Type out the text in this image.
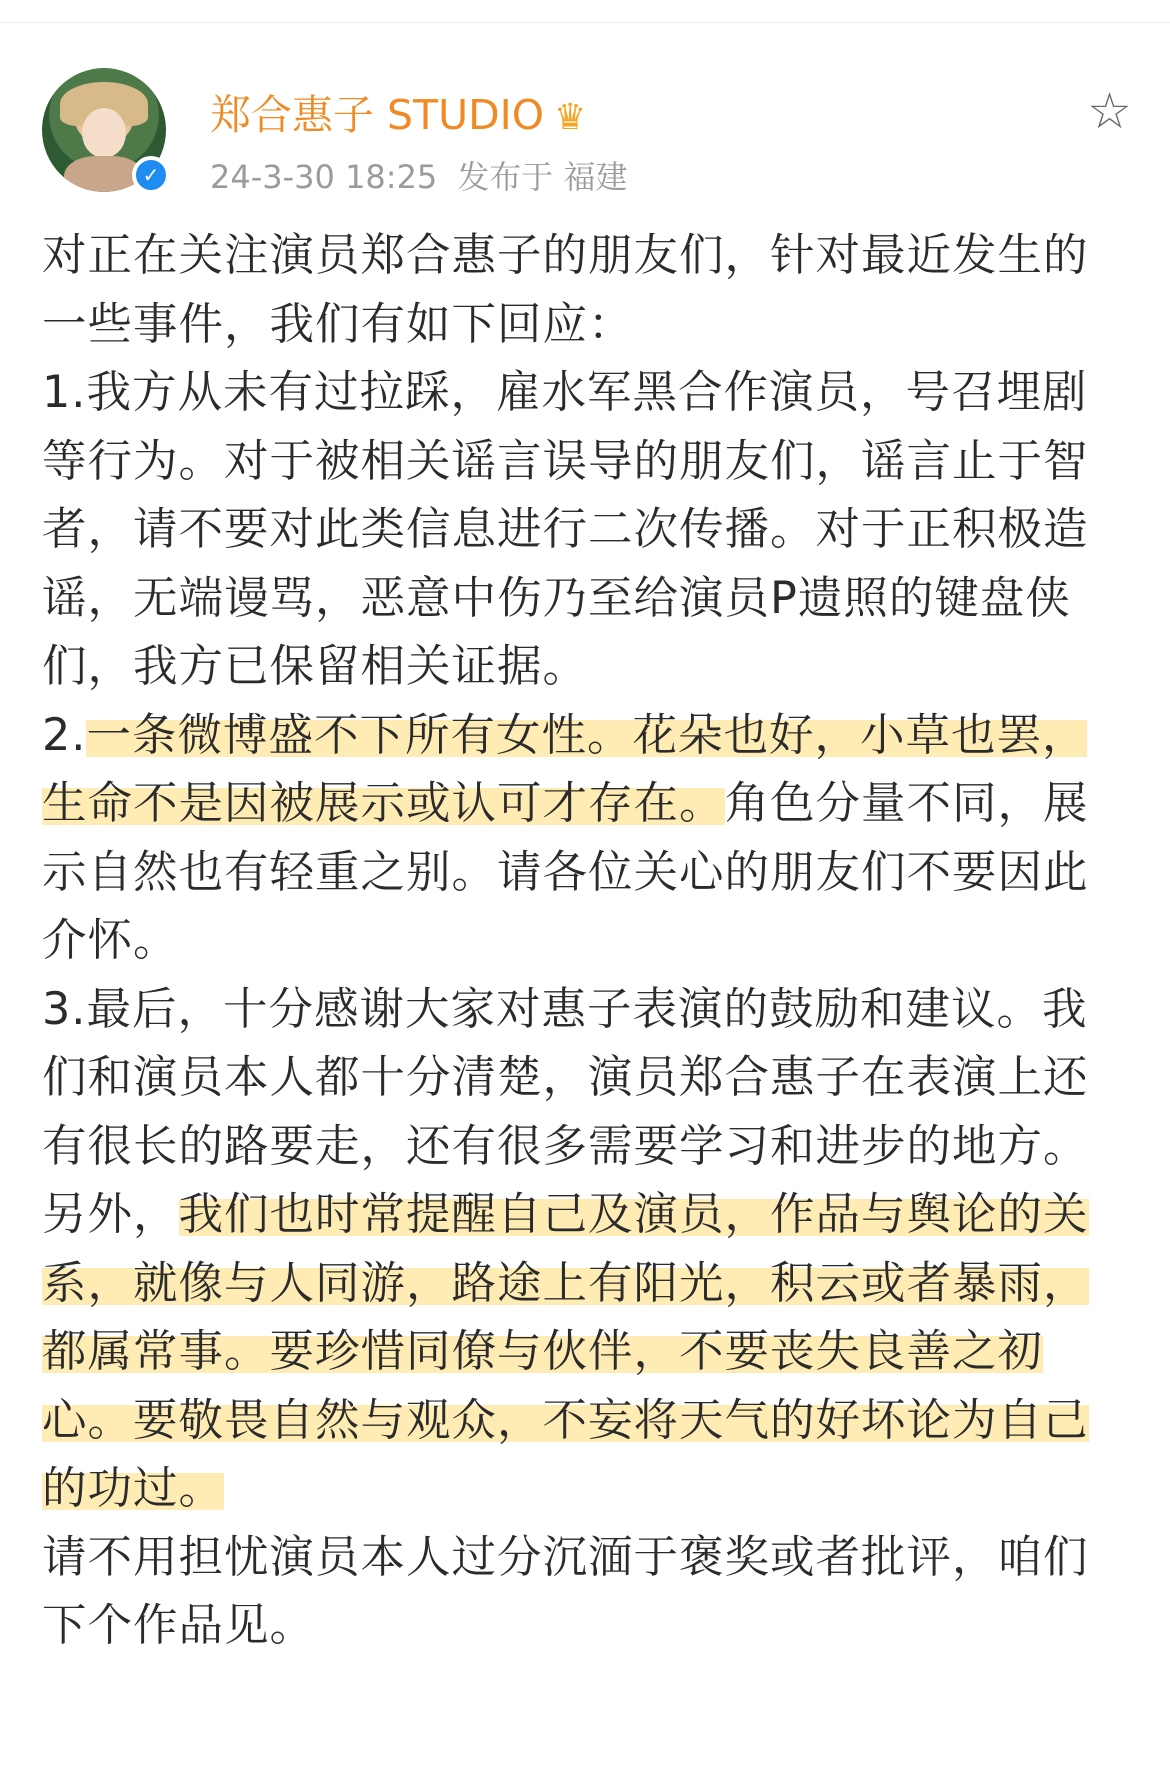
✓
郑合惠子 STUDIO ♛
24-3-30 18:25 发布于 福建
☆

对正在关注演员郑合惠子的朋友们，针对最近发生的一些事件，我们有如下回应：

1.我方从未有过拉踩，雇水军黑合作演员，号召埋剧等行为。对于被相关谣言误导的朋友们，谣言止于智者，请不要对此类信息进行二次传播。对于正积极造谣，无端谩骂，恶意中伤乃至给演员P遗照的键盘侠们，我方已保留相关证据。

2.一条微博盛不下所有女性。花朵也好，小草也罢，生命不是因被展示或认可才存在。角色分量不同，展示自然也有轻重之别。请各位关心的朋友们不要因此介怀。

3.最后，十分感谢大家对惠子表演的鼓励和建议。我们和演员本人都十分清楚，演员郑合惠子在表演上还有很长的路要走，还有很多需要学习和进步的地方。

另外，我们也时常提醒自己及演员，作品与舆论的关系，就像与人同游，路途上有阳光，积云或者暴雨，都属常事。要珍惜同僚与伙伴，不要丧失良善之初心。要敬畏自然与观众，不妄将天气的好坏论为自己的功过。

请不用担忧演员本人过分沉湎于褒奖或者批评，咱们下个作品见。
